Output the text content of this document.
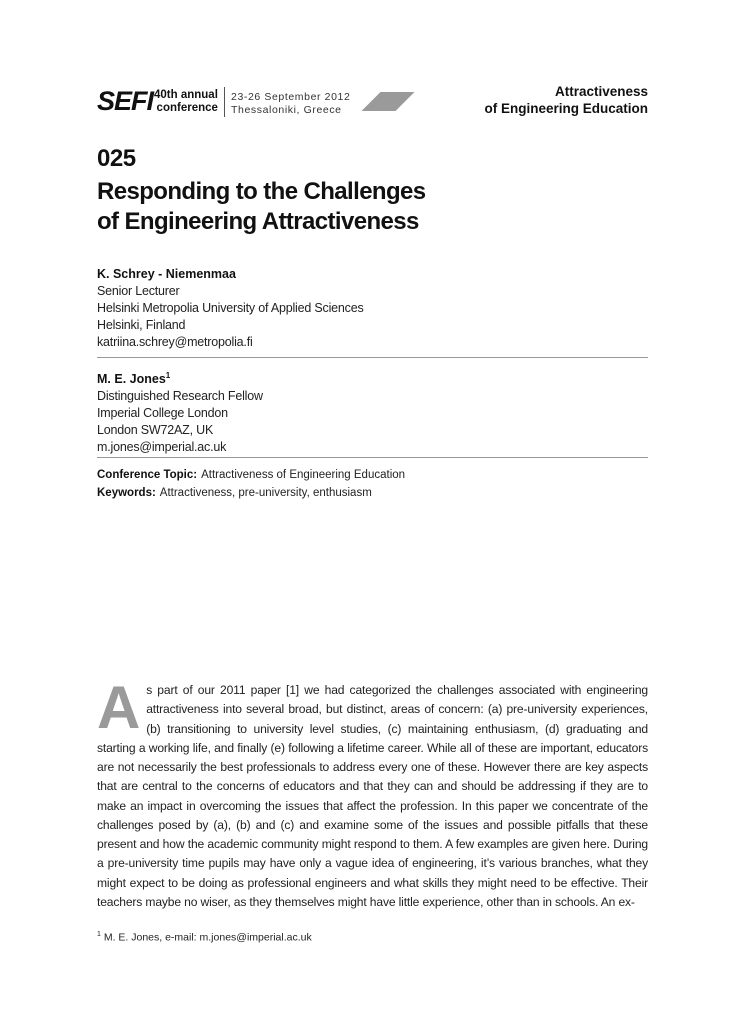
SEFI 40th annual
conference
23-26 September 2012
Thessaloniki, Greece
Attractiveness
of Engineering Education
025
Responding to the Challenges
of Engineering Attractiveness
K. Schrey - Niemenmaa
Senior Lecturer
Helsinki Metropolia University of Applied Sciences
Helsinki, Finland
katriina.schrey@metropolia.fi
M. E. Jones$^1$
Distinguished Research Fellow
Imperial College London
London SW72AZ, UK
m.jones@imperial.ac.uk
Conference Topic: Attractiveness of Engineering Education
Keywords: Attractiveness, pre-university, enthusiasm
As part of our 2011 paper [1] we had categorized the challenges associated with engineering attractiveness into several broad, but distinct, areas of concern: (a) pre-university experiences, (b) transitioning to university level studies, (c) maintaining enthusiasm, (d) graduating and starting a working life, and finally (e) following a lifetime career. While all of these are important, educators are not necessarily the best professionals to address every one of these. However there are key aspects that are central to the concerns of educators and that they can and should be addressing if they are to make an impact in overcoming the issues that affect the profession. In this paper we concentrate of the challenges posed by (a), (b) and (c) and examine some of the issues and possible pitfalls that these present and how the academic community might respond to them. A few examples are given here. During a pre-university time pupils may have only a vague idea of engineering, it’s various branches, what they might expect to be doing as professional engineers and what skills they might need to be effective. Their teachers maybe no wiser, as they themselves might have little experience, other than in schools. An ex-
$^1$ M. E. Jones, e-mail: m.jones@imperial.ac.uk
